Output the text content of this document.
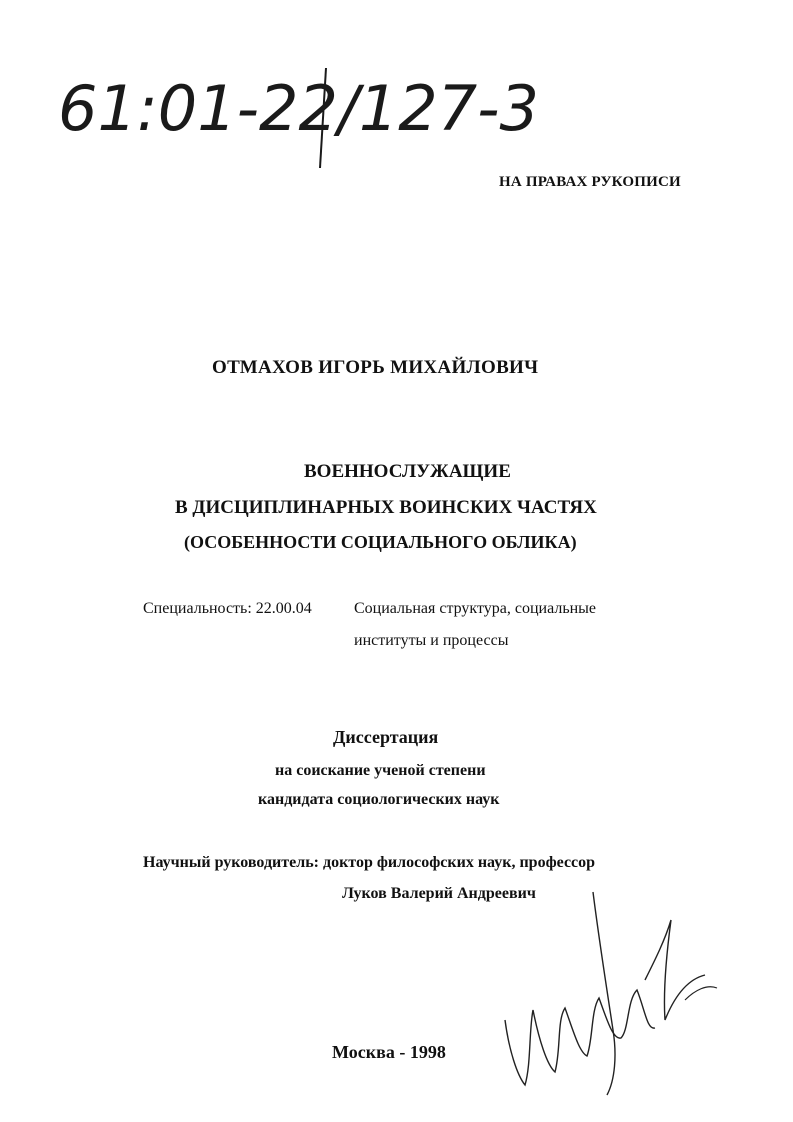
61:01-22/127-3
НА ПРАВАХ РУКОПИСИ
ОТМАХОВ ИГОРЬ МИХАЙЛОВИЧ
ВОЕННОСЛУЖАЩИЕ
В ДИСЦИПЛИНАРНЫХ ВОИНСКИХ ЧАСТЯХ
(ОСОБЕННОСТИ СОЦИАЛЬНОГО ОБЛИКА)
Специальность: 22.00.04	Социальная структура, социальные
институты и процессы
Диссертация
на соискание ученой степени
кандидата социологических наук
Научный руководитель: доктор философских наук, профессор
Луков Валерий Андреевич
Москва - 1998
